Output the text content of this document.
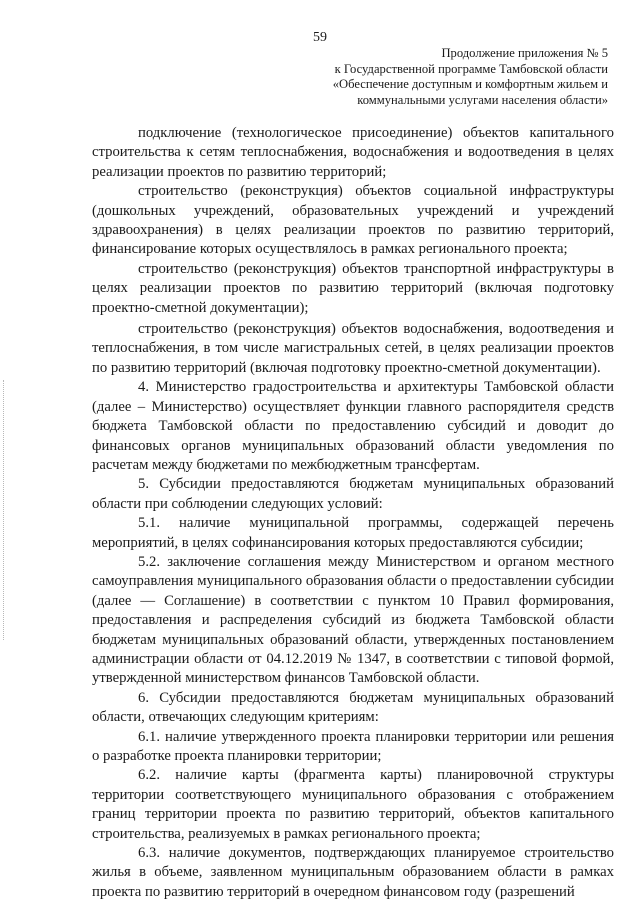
59
Продолжение приложения № 5
к Государственной программе Тамбовской области
«Обеспечение доступным и комфортным жильем и
коммунальными услугами населения области»

подключение (технологическое присоединение) объектов капитального строительства к сетям теплоснабжения, водоснабжения и водоотведения в целях реализации проектов по развитию территорий;

строительство (реконструкция) объектов социальной инфраструктуры (дошкольных учреждений, образовательных учреждений и учреждений здравоохранения) в целях реализации проектов по развитию территорий, финансирование которых осуществлялось в рамках регионального проекта;

строительство (реконструкция) объектов транспортной инфраструктуры в целях реализации проектов по развитию территорий (включая подготовку проектно-сметной документации);

строительство (реконструкция) объектов водоснабжения, водоотведения и теплоснабжения, в том числе магистральных сетей, в целях реализации проектов по развитию территорий (включая подготовку проектно-сметной документации).

4. Министерство градостроительства и архитектуры Тамбовской области (далее – Министерство) осуществляет функции главного распорядителя средств бюджета Тамбовской области по предоставлению субсидий и доводит до финансовых органов муниципальных образований области уведомления по расчетам между бюджетами по межбюджетным трансфертам.

5. Субсидии предоставляются бюджетам муниципальных образований области при соблюдении следующих условий:

5.1. наличие муниципальной программы, содержащей перечень мероприятий, в целях софинансирования которых предоставляются субсидии;

5.2. заключение соглашения между Министерством и органом местного самоуправления муниципального образования области о предоставлении субсидии (далее — Соглашение) в соответствии с пунктом 10 Правил формирования, предоставления и распределения субсидий из бюджета Тамбовской области бюджетам муниципальных образований области, утвержденных постановлением администрации области от 04.12.2019 № 1347, в соответствии с типовой формой, утвержденной министерством финансов Тамбовской области.

6. Субсидии предоставляются бюджетам муниципальных образований области, отвечающих следующим критериям:

6.1. наличие утвержденного проекта планировки территории или решения о разработке проекта планировки территории;

6.2. наличие карты (фрагмента карты) планировочной структуры территории соответствующего муниципального образования с отображением границ территории проекта по развитию территорий, объектов капитального строительства, реализуемых в рамках регионального проекта;

6.3. наличие документов, подтверждающих планируемое строительство жилья в объеме, заявленном муниципальным образованием области в рамках проекта по развитию территорий в очередном финансовом году (разрешений
